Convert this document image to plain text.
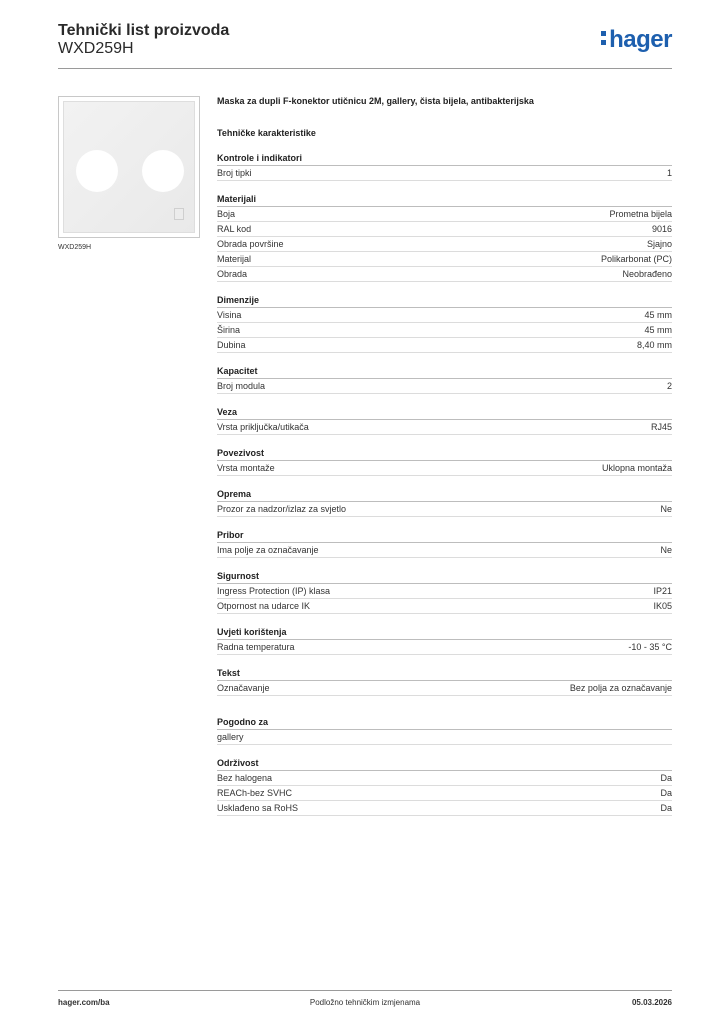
Tehnički list proizvoda
WXD259H	hager
WXD259H
Maska za dupli F-konektor utičnicu 2M, gallery, čista bijela, antibakterijska
Tehničke karakteristike
Kontrole i indikatori
Broj tipki	1
Materijali
Boja	Prometna bijela
RAL kod	9016
Obrada površine	Sjajno
Materijal	Polikarbonat (PC)
Obrada	Neobrađeno
Dimenzije
Visina	45 mm
Širina	45 mm
Dubina	8,40 mm
Kapacitet
Broj modula	2
Veza
Vrsta priključka/utikača	RJ45
Povezivost
Vrsta montaže	Uklopna montaža
Oprema
Prozor za nadzor/izlaz za svjetlo	Ne
Pribor
Ima polje za označavanje	Ne
Sigurnost
Ingress Protection (IP) klasa	IP21
Otpornost na udarce IK	IK05
Uvjeti korištenja
Radna temperatura	-10 - 35 °C
Tekst
Označavanje	Bez polja za označavanje
Pogodno za
gallery
Održivost
Bez halogena	Da
REACh-bez SVHC	Da
Usklađeno sa RoHS	Da
hager.com/ba	Podložno tehničkim izmjenama	05.03.2026
